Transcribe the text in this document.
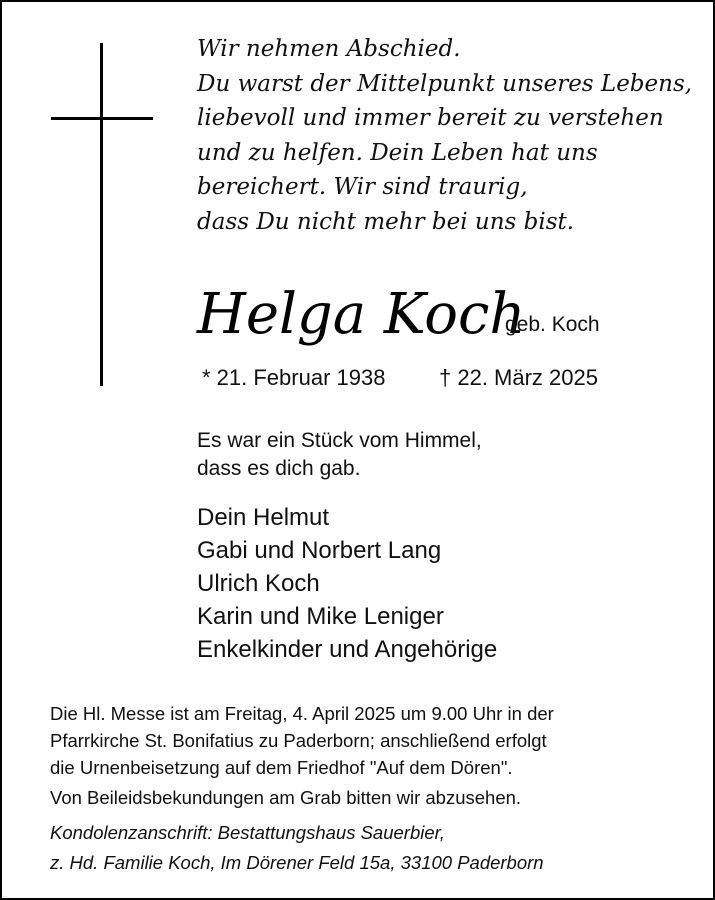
Wir nehmen Abschied.
Du warst der Mittelpunkt unseres Lebens,
liebevoll und immer bereit zu verstehen
und zu helfen. Dein Leben hat uns
bereichert. Wir sind traurig,
dass Du nicht mehr bei uns bist.
Helga Koch
geb. Koch
* 21. Februar 1938 † 22. März 2025
Es war ein Stück vom Himmel,
dass es dich gab.
Dein Helmut
Gabi und Norbert Lang
Ulrich Koch
Karin und Mike Leniger
Enkelkinder und Angehörige
Die Hl. Messe ist am Freitag, 4. April 2025 um 9.00 Uhr in der
Pfarrkirche St. Bonifatius zu Paderborn; anschließend erfolgt
die Urnenbeisetzung auf dem Friedhof "Auf dem Dören".
Von Beileidsbekundungen am Grab bitten wir abzusehen.
Kondolenzanschrift: Bestattungshaus Sauerbier,
z. Hd. Familie Koch, Im Dörener Feld 15a, 33100 Paderborn
